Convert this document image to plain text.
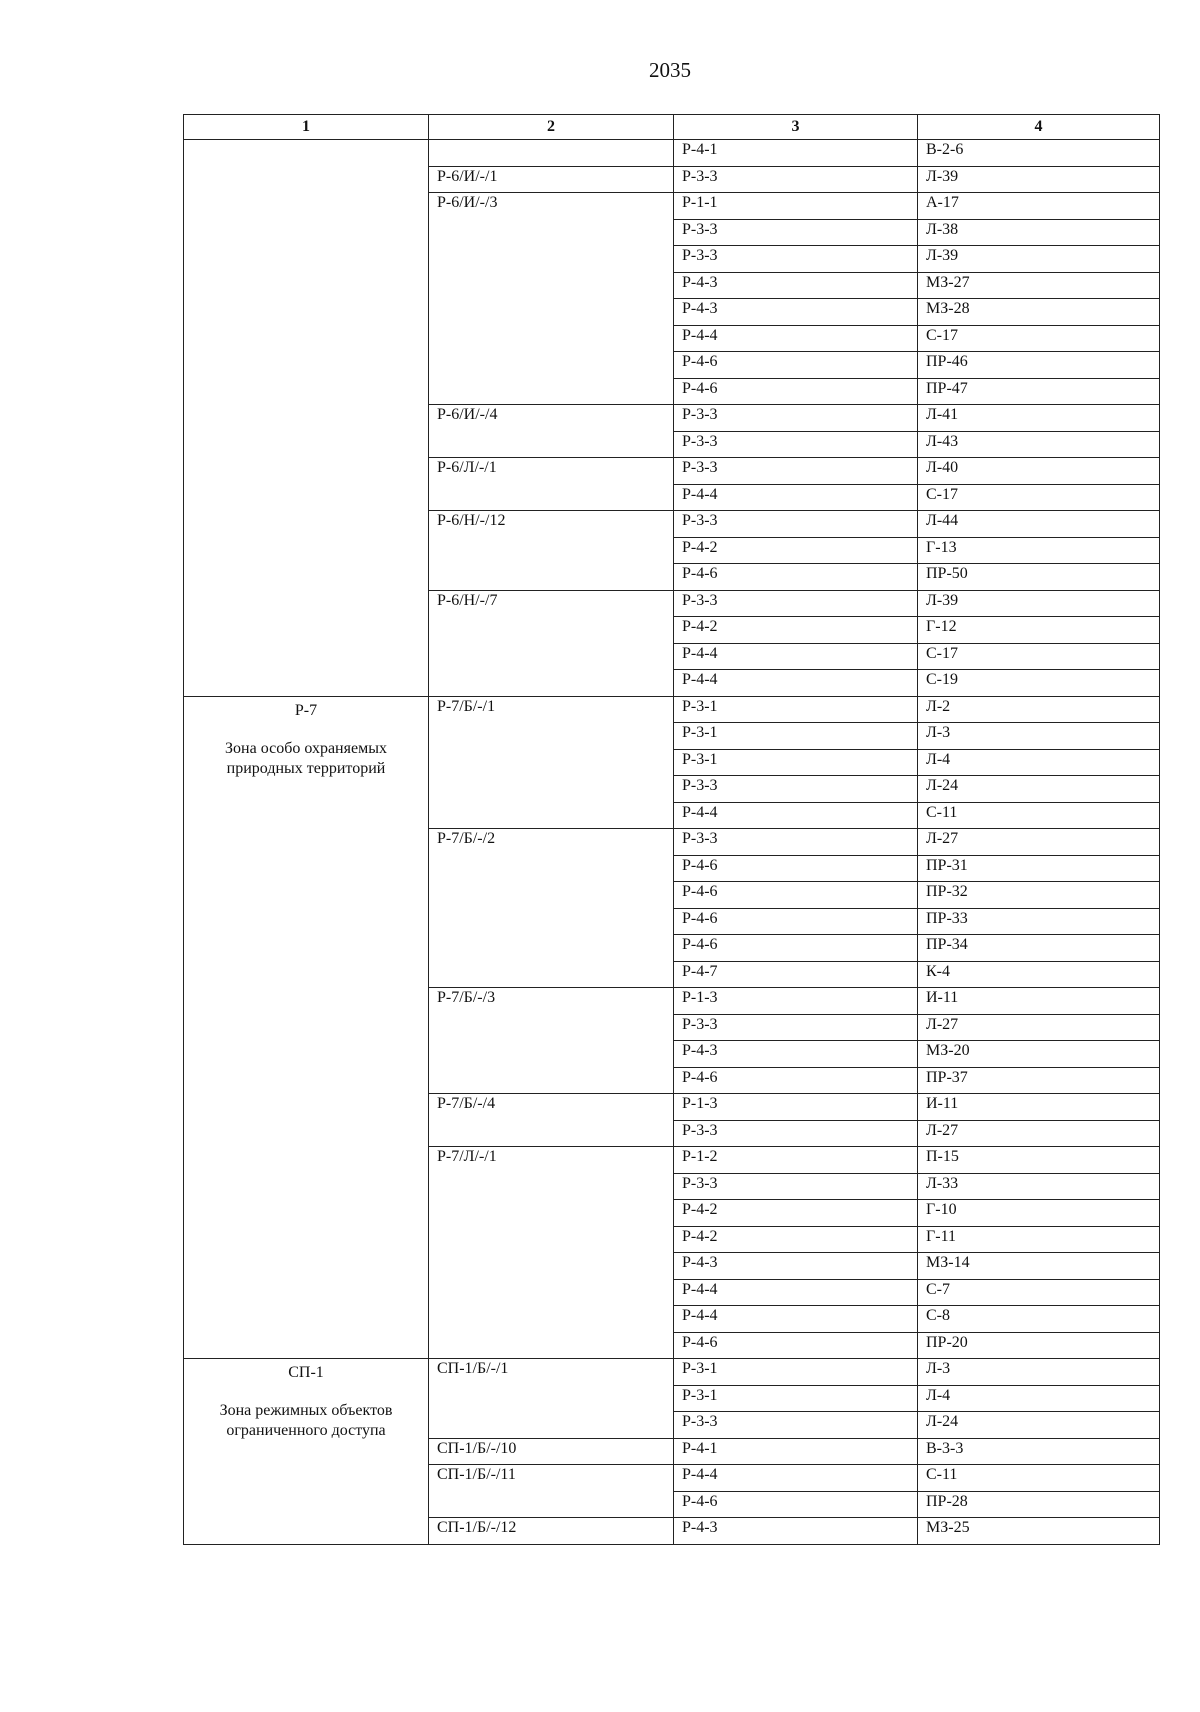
2035
1	2	3	4

		Р-4-1	В-2-6
	Р-6/И/-/1	Р-3-3	Л-39
	Р-6/И/-/3	Р-1-1	А-17
		Р-3-3	Л-38
		Р-3-3	Л-39
		Р-4-3	МЗ-27
		Р-4-3	МЗ-28
		Р-4-4	С-17
		Р-4-6	ПР-46
		Р-4-6	ПР-47
	Р-6/И/-/4	Р-3-3	Л-41
		Р-3-3	Л-43
	Р-6/Л/-/1	Р-3-3	Л-40
		Р-4-4	С-17
	Р-6/Н/-/12	Р-3-3	Л-44
		Р-4-2	Г-13
		Р-4-6	ПР-50
	Р-6/Н/-/7	Р-3-3	Л-39
		Р-4-2	Г-12
		Р-4-4	С-17
		Р-4-4	С-19

Р-7
Зона особо охраняемых природных территорий	Р-7/Б/-/1	Р-3-1	Л-2
		Р-3-1	Л-3
		Р-3-1	Л-4
		Р-3-3	Л-24
		Р-4-4	С-11
	Р-7/Б/-/2	Р-3-3	Л-27
		Р-4-6	ПР-31
		Р-4-6	ПР-32
		Р-4-6	ПР-33
		Р-4-6	ПР-34
		Р-4-7	К-4
	Р-7/Б/-/3	Р-1-3	И-11
		Р-3-3	Л-27
		Р-4-3	МЗ-20
		Р-4-6	ПР-37
	Р-7/Б/-/4	Р-1-3	И-11
		Р-3-3	Л-27
	Р-7/Л/-/1	Р-1-2	П-15
		Р-3-3	Л-33
		Р-4-2	Г-10
		Р-4-2	Г-11
		Р-4-3	МЗ-14
		Р-4-4	С-7
		Р-4-4	С-8
		Р-4-6	ПР-20

СП-1
Зона режимных объектов ограниченного доступа	СП-1/Б/-/1	Р-3-1	Л-3
		Р-3-1	Л-4
		Р-3-3	Л-24
	СП-1/Б/-/10	Р-4-1	В-3-3
	СП-1/Б/-/11	Р-4-4	С-11
		Р-4-6	ПР-28
	СП-1/Б/-/12	Р-4-3	МЗ-25
